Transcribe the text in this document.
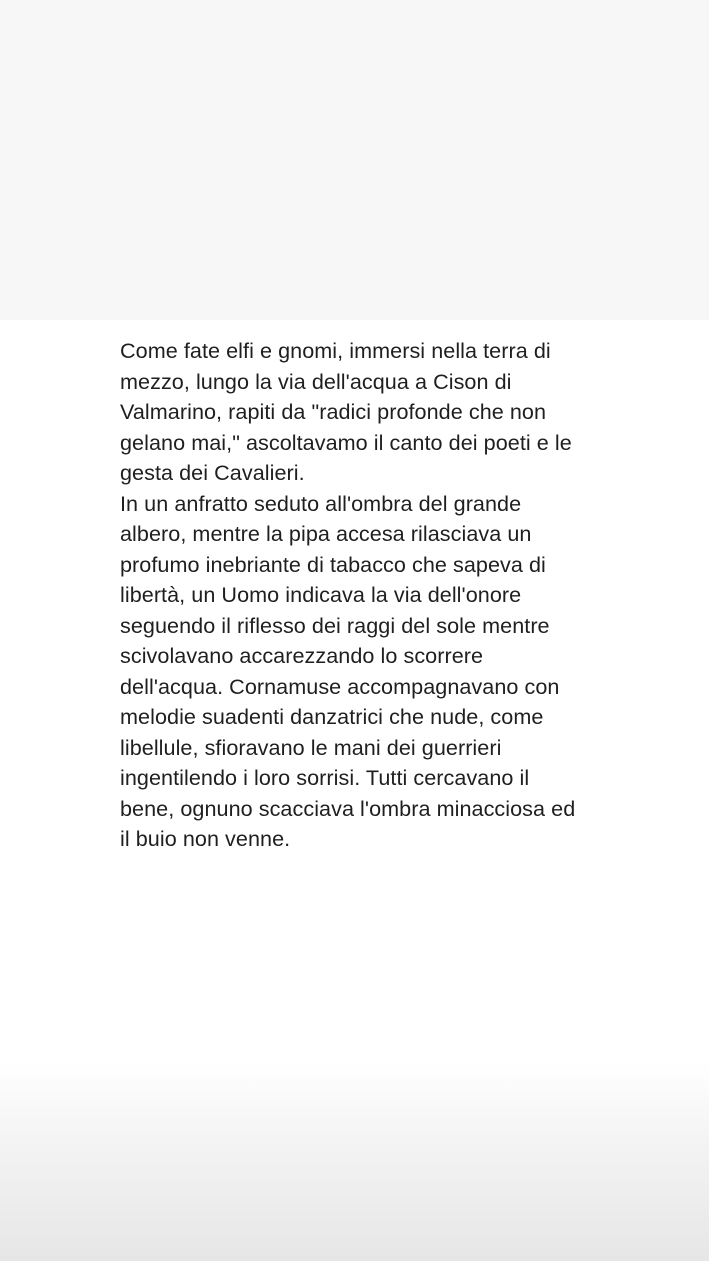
Come fate elfi e gnomi, immersi nella terra di
mezzo, lungo la via dell'acqua a Cison di
Valmarino, rapiti da "radici profonde che non
gelano mai," ascoltavamo il canto dei poeti e le
gesta dei Cavalieri.
In un anfratto seduto all'ombra del grande
albero, mentre la pipa accesa rilasciava un
profumo inebriante di tabacco che sapeva di
libertà, un Uomo indicava la via dell'onore
seguendo il riflesso dei raggi del sole mentre
scivolavano accarezzando lo scorrere
dell'acqua. Cornamuse accompagnavano con
melodie suadenti danzatrici che nude, come
libellule, sfioravano le mani dei guerrieri
ingentilendo i loro sorrisi. Tutti cercavano il
bene, ognuno scacciava l'ombra minacciosa ed
il buio non venne.
